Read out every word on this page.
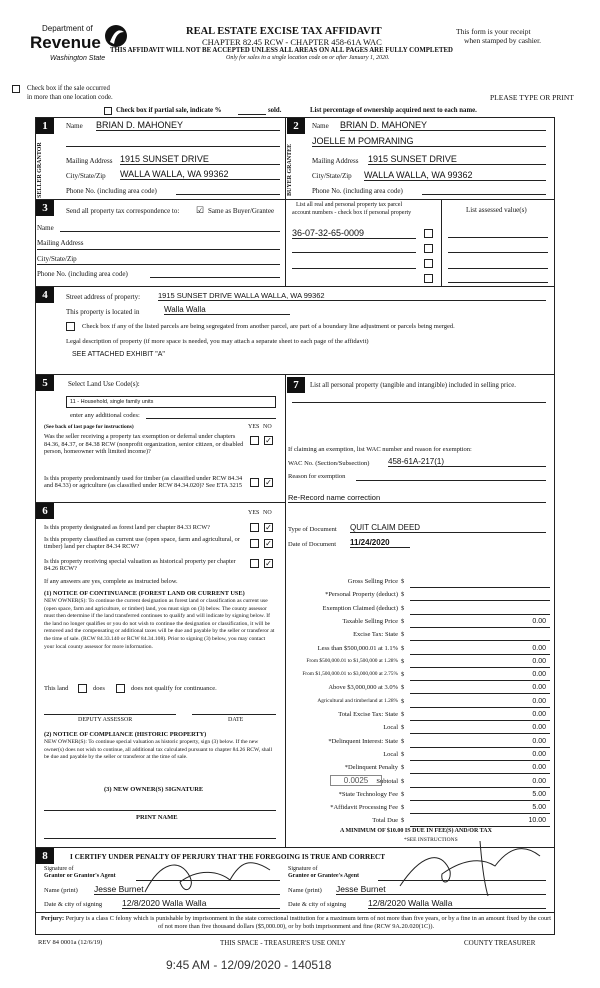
Department of
Revenue
Washington State
REAL ESTATE EXCISE TAX AFFIDAVIT
CHAPTER 82.45 RCW - CHAPTER 458-61A WAC
THIS AFFIDAVIT WILL NOT BE ACCEPTED UNLESS ALL AREAS ON ALL PAGES ARE FULLY COMPLETED
Only for sales in a single location code on or after January 1, 2020.
This form is your receipt
when stamped by cashier.
Check box if the sale occurred
in more than one location code.	PLEASE TYPE OR PRINT
Check box if partial sale, indicate %	sold.	List percentage of ownership acquired next to each name.
1
SELLER GRANTOR
Name BRIAN D. MAHONEY
Mailing Address 1915 SUNSET DRIVE
City/State/Zip WALLA WALLA, WA 99362
Phone No. (including area code)
2
BUYER GRANTEE
Name BRIAN D. MAHONEY
JOELLE M POMRANING
Mailing Address 1915 SUNSET DRIVE
City/State/Zip WALLA WALLA, WA 99362
Phone No. (including area code)
3	Send all property tax correspondence to: ☑ Same as Buyer/Grantee
List all real and personal property tax parcel
account numbers - check box if personal property	List assessed value(s)
Name
Mailing Address
City/State/Zip
Phone No. (including area code)
36-07-32-65-0009
4	Street address of property: 1915 SUNSET DRIVE WALLA WALLA, WA 99362
This property is located in	Walla Walla
Check box if any of the listed parcels are being segregated from another parcel, are part of a boundary line adjustment or parcels being merged.
Legal description of property (if more space is needed, you may attach a separate sheet to each page of the affidavit)
SEE ATTACHED EXHIBIT "A"
5	Select Land Use Code(s):
11 - Household, single family units
enter any additional codes:
(See back of last page for instructions)	YES NO
Was the seller receiving a property tax exemption or deferral under chapters 84.36, 84.37, or 84.38 RCW (nonprofit organization, senior citizen, or disabled person, homeowner with limited income)?
✓
Is this property predominantly used for timber (as classified under RCW 84.34 and 84.33) or agriculture (as classified under RCW 84.34.020)? See ETA 3215	✓
6	YES NO
Is this property designated as forest land per chapter 84.33 RCW?	✓
Is this property classified as current use (open space, farm and agricultural, or timber) land per chapter 84.34 RCW?	✓
Is this property receiving special valuation as historical property per chapter 84.26 RCW?
✓
If any answers are yes, complete as instructed below.
(1) NOTICE OF CONTINUANCE (FOREST LAND OR CURRENT USE)
NEW OWNER(S): To continue the current designation as forest land or classification as current use (open space, farm and agriculture, or timber) land, you must sign on (3) below. The county assessor must then determine if the land transferred continues to qualify and will indicate by signing below. If the land no longer qualifies or you do not wish to continue the designation or classification, it will be removed and the compensating or additional taxes will be due and payable by the seller or transferor at the time of sale. (RCW 84.33.140 or RCW 84.34.108). Prior to signing (3) below, you may contact your local county assessor for more information.
This land	does	does not qualify for continuance.
DEPUTY ASSESSOR	DATE
(2) NOTICE OF COMPLIANCE (HISTORIC PROPERTY)
NEW OWNER(S): To continue special valuation as historic property, sign (3) below. If the new owner(s) does not wish to continue, all additional tax calculated pursuant to chapter 84.26 RCW, shall be due and payable by the seller or transferor at the time of sale.
(3) NEW OWNER(S) SIGNATURE
PRINT NAME
7	List all personal property (tangible and intangible) included in selling price.
If claiming an exemption, list WAC number and reason for exemption:
WAC No. (Section/Subsection) 458-61A-217(1)
Reason for exemption
Re-Record name correction
Type of Document QUIT CLAIM DEED
Date of Document 11/24/2020
Gross Selling Price $
*Personal Property (deduct) $
Exemption Claimed (deduct) $
Taxable Selling Price $	0.00
Excise Tax: State $
Less than $500,000.01 at 1.1% $	0.00
From $500,000.01 to $1,500,000 at 1.28% $	0.00
From $1,500,000.01 to $3,000,000 at 2.75% $	0.00
Above $3,000,000 at 3.0% $	0.00
Agricultural and timberland at 1.28% $	0.00
Total Excise Tax: State $	0.00
Local $	0.00
*Delinquent Interest: State $	0.00
Local $	0.00
*Delinquent Penalty $	0.00
Subtotal $	0.00
*State Technology Fee $	5.00
*Affidavit Processing Fee $	5.00
Total Due $	10.00
0.0025
A MINIMUM OF $10.00 IS DUE IN FEE(S) AND/OR TAX
*SEE INSTRUCTIONS
8	I CERTIFY UNDER PENALTY OF PERJURY THAT THE FOREGOING IS TRUE AND CORRECT
Signature of
Grantor or Grantor's Agent
Signature of
Grantee or Grantee's Agent
Name (print) Jesse Burnet
Date & city of signing 12/8/2020 Walla Walla
Name (print) Jesse Burnet
Date & city of signing	12/8/2020 Walla Walla
Perjury: Perjury is a class C felony which is punishable by imprisonment in the state correctional institution for a maximum term of not more than five years, or by a fine in an amount fixed by the court of not more than five thousand dollars ($5,000.00), or by both imprisonment and fine (RCW 9A.20.020(1C)).
REV 84 0001a (12/6/19)	THIS SPACE - TREASURER'S USE ONLY	COUNTY TREASURER
9:45 AM - 12/09/2020 - 140518
